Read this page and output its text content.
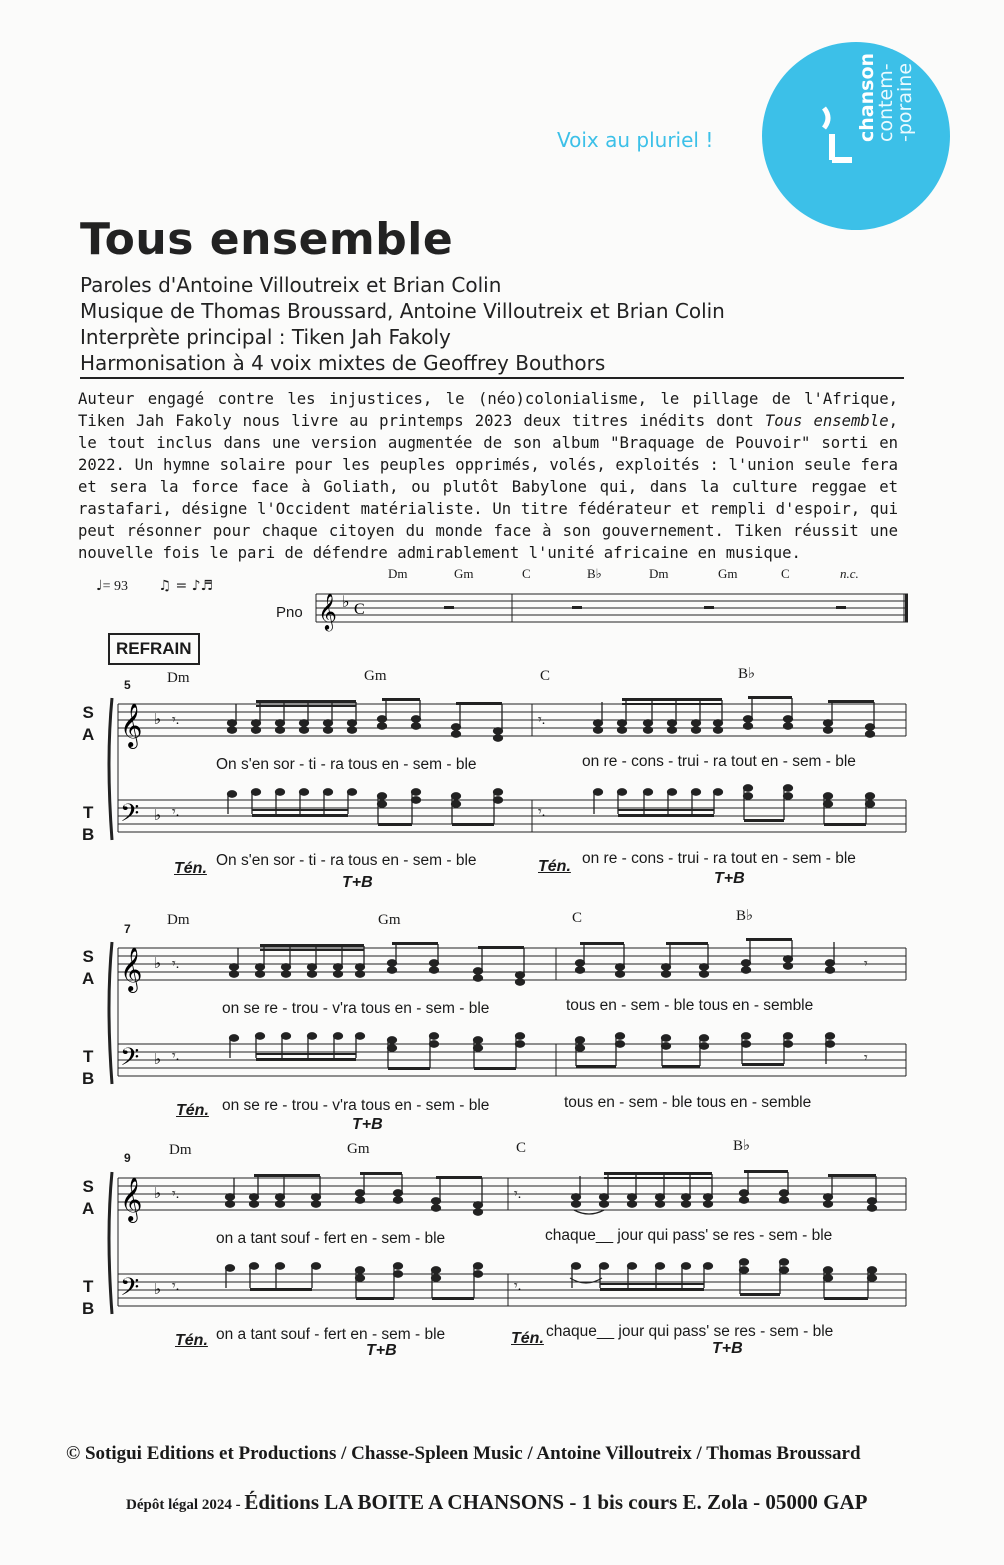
Voix au pluriel !	chanson
contem-
-poraine
Tous ensemble
Paroles d'Antoine Villoutreix et Brian Colin
Musique de Thomas Broussard, Antoine Villoutreix et Brian Colin
Interprète principal : Tiken Jah Fakoly
Harmonisation à 4 voix mixtes de Geoffrey Bouthors
Auteur engagé contre les injustices, le (néo)colonialisme, le pillage de l'Afrique, Tiken Jah Fakoly nous livre au printemps 2023 deux titres inédits dont Tous ensemble, le tout inclus dans une version augmentée de son album "Braquage de Pouvoir" sorti en 2022. Un hymne solaire pour les peuples opprimés, volés, exploités : l'union seule fera et sera la force face à Goliath, ou plutôt Babylone qui, dans la culture reggae et rastafari, désigne l'Occident matérialiste. Un titre fédérateur et rempli d'espoir, qui peut résonner pour chaque citoyen du monde face à son gouvernement. Tiken réussit une nouvelle fois le pari de défendre admirablement l'unité africaine en musique.
♩= 93 ♫ = ♪♬
Pno
Dm	Gm	C	B♭	Dm	Gm	C	n.c.
𝄞 ♭ C
REFRAIN
5 Dm	Gm	C	B♭
S
A
T
B
𝄞
𝄢
♭
♭
𝄾.
𝄾.
𝄾.
𝄾.
On s'en sor - ti - ra tous en - sem - ble	on re - cons - trui - ra tout en - sem - ble
Tén. On s'en sor - ti - ra tous en - sem - ble
T+B
Tén. on re - cons - trui - ra tout en - sem - ble
T+B
7
Dm	Gm	C	B♭
S
A
T
B
𝄞
𝄢
♭
♭
𝄾.
𝄾.
𝄾
𝄾
on se re - trou - v'ra tous en - sem - ble	tous en - sem - ble tous en - semble
Tén. on se re - trou - v'ra tous en - sem - ble
T+B
tous en - sem - ble tous en - semble
9	Dm	Gm	C	B♭
S
A
T
B
𝄞
𝄢
♭
♭
𝄾.
𝄾.
𝄾.
𝄾.
on a tant souf - fert en - sem - ble	chaque__ jour qui pass' se res - sem - ble
Tén. on a tant souf - fert en - sem - ble
T+B
Tén. chaque__ jour qui pass' se res - sem - ble
T+B
© Sotigui Editions et Productions / Chasse-Spleen Music / Antoine Villoutreix / Thomas Broussard
Dépôt légal 2024 - Éditions LA BOITE A CHANSONS - 1 bis cours E. Zola - 05000 GAP
